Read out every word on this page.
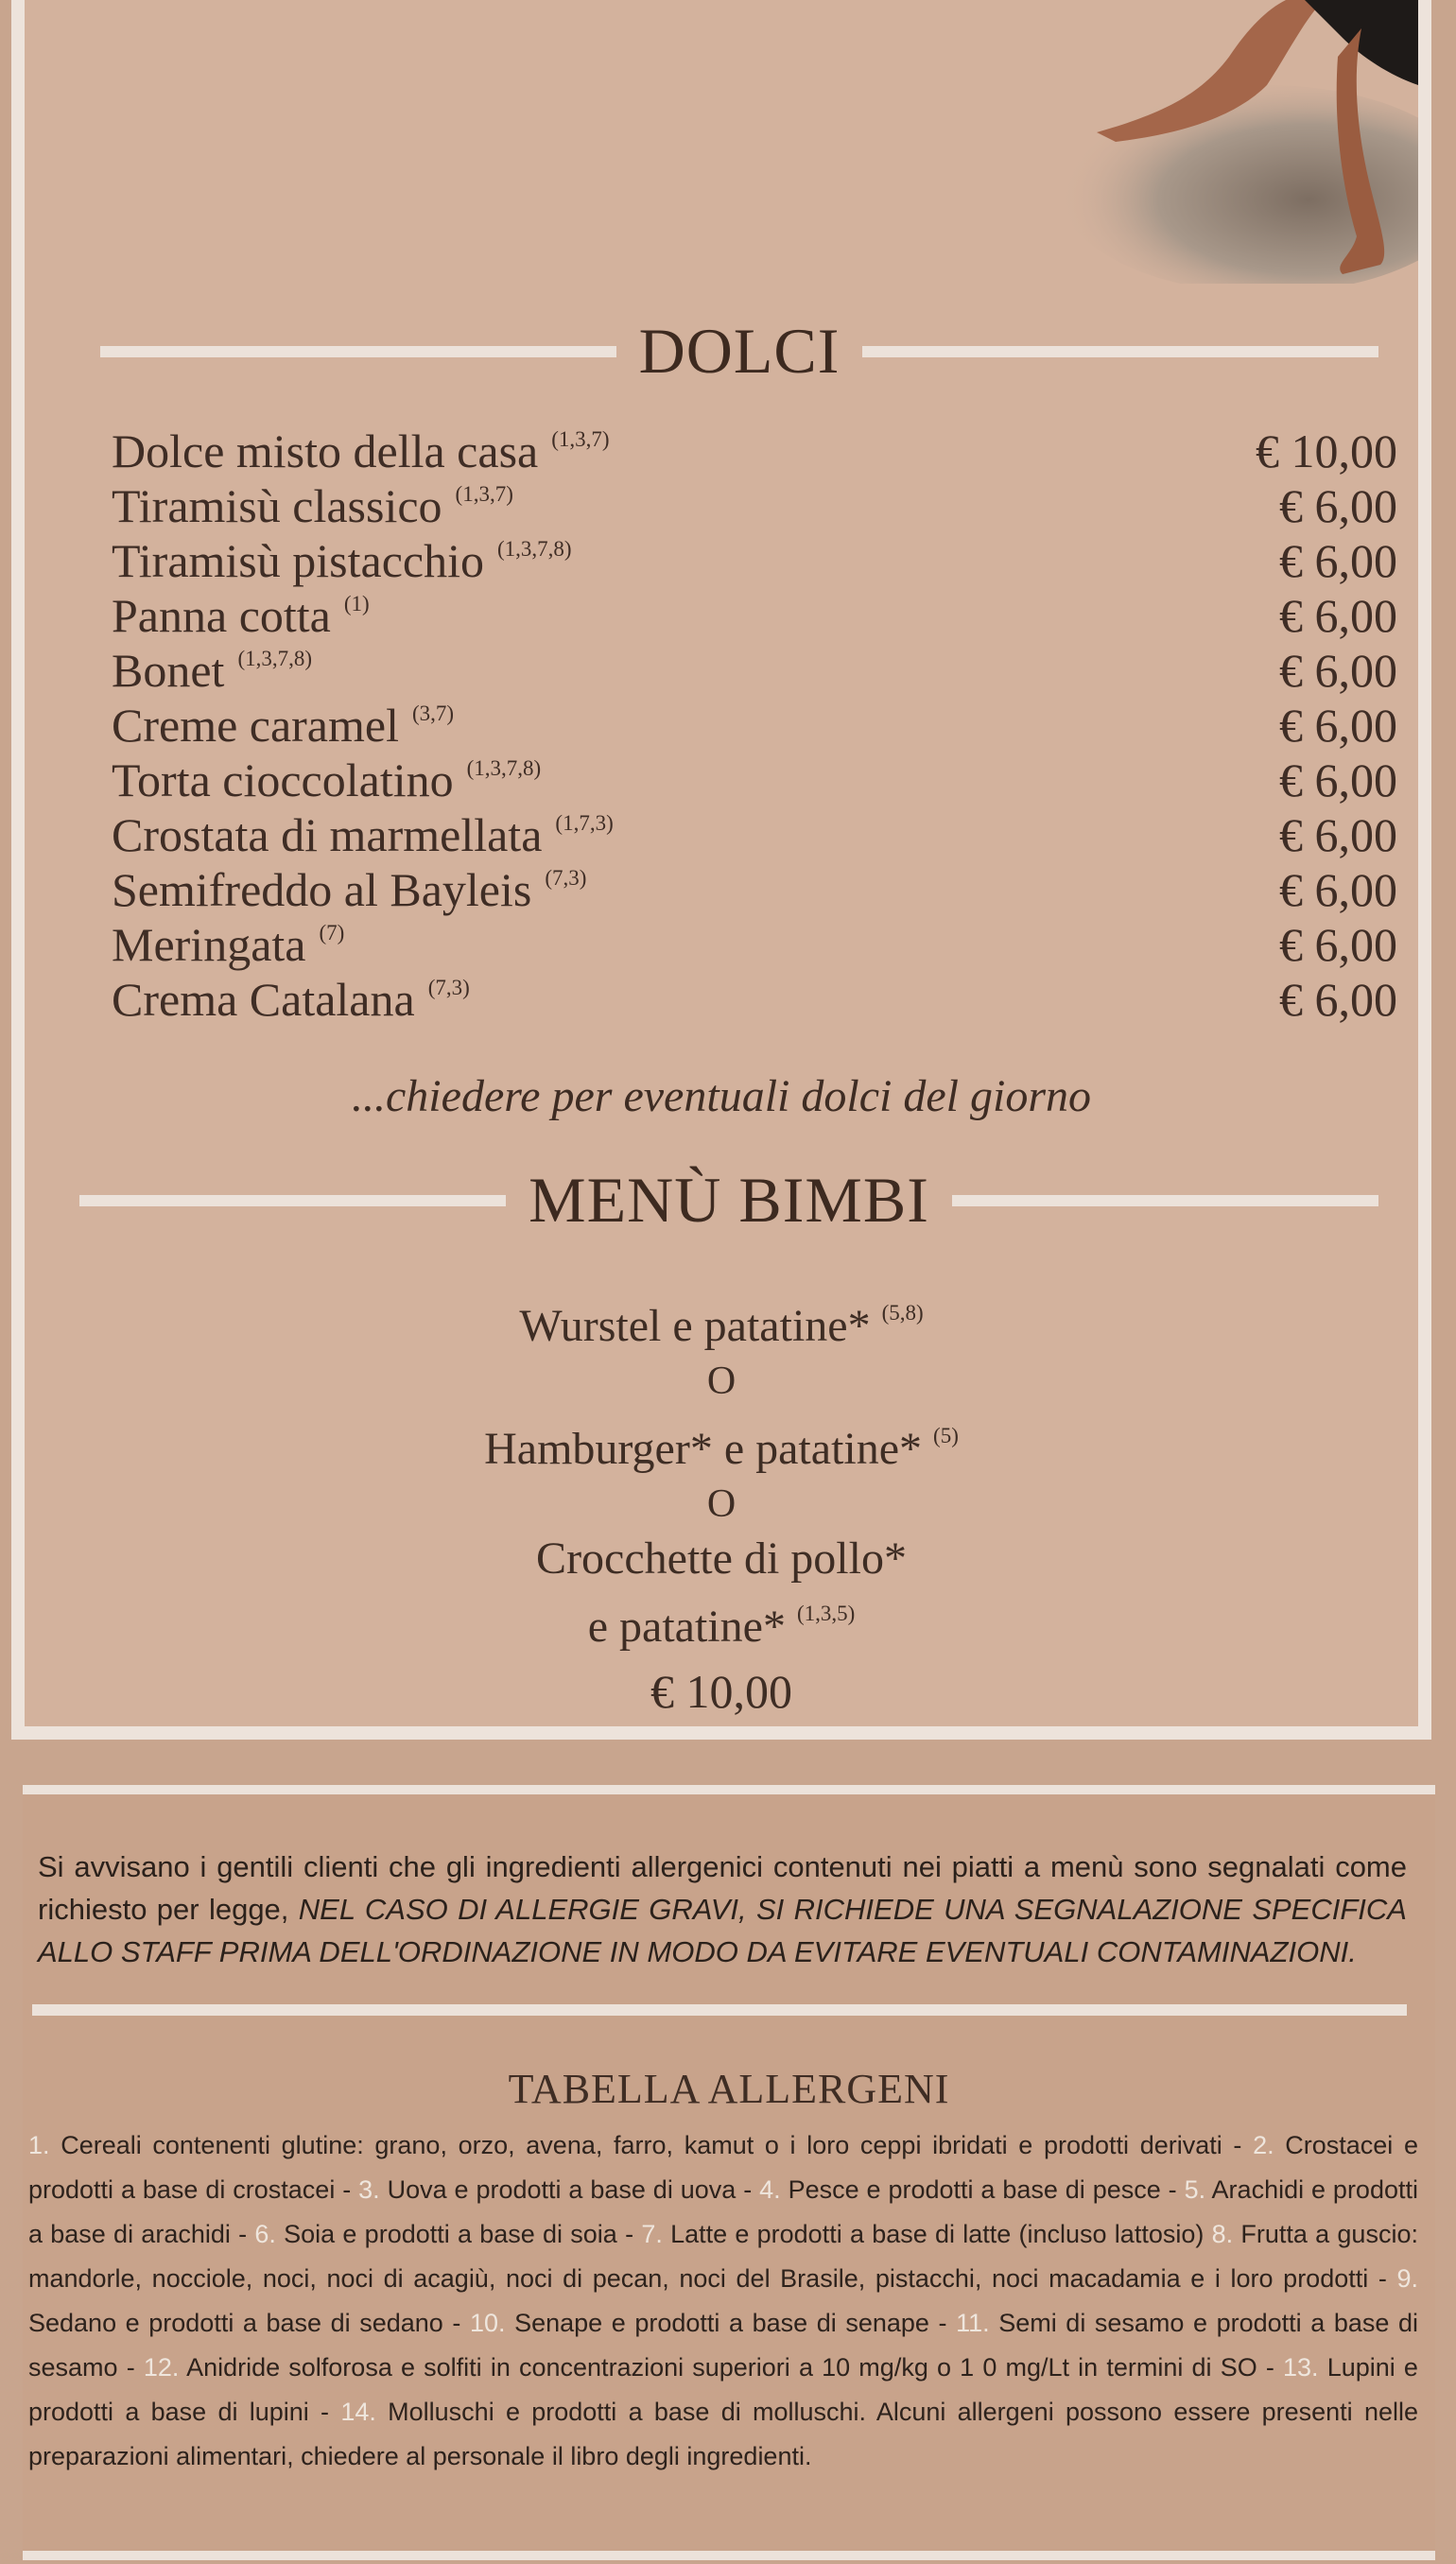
DOLCI
Dolce misto della casa $^{(1,3,7)}$	€ 10,00
Tiramisù classico $^{(1,3,7)}$	€ 6,00
Tiramisù pistacchio $^{(1,3,7,8)}$	€ 6,00
Panna cotta $^{(1)}$	€ 6,00
Bonet $^{(1,3,7,8)}$	€ 6,00
Creme caramel $^{(3,7)}$	€ 6,00
Torta cioccolatino $^{(1,3,7,8)}$	€ 6,00
Crostata di marmellata $^{(1,7,3)}$	€ 6,00
Semifreddo al Bayleis $^{(7,3)}$	€ 6,00
Meringata $^{(7)}$	€ 6,00
Crema Catalana $^{(7,3)}$	€ 6,00
...chiedere per eventuali dolci del giorno
MENÙ BIMBI
Wurstel e patatine* $^{(5,8)}$
O
Hamburger* e patatine* $^{(5)}$
O
Crocchette di pollo*
e patatine* $^{(1,3,5)}$
€ 10,00
Si avvisano i gentili clienti che gli ingredienti allergenici contenuti nei piatti a menù sono segnalati come richiesto per legge, NEL CASO DI ALLERGIE GRAVI, SI RICHIEDE UNA SEGNALAZIONE SPECIFICA ALLO STAFF PRIMA DELL'ORDINAZIONE IN MODO DA EVITARE EVENTUALI CONTAMINAZIONI.
TABELLA ALLERGENI
1. Cereali contenenti glutine: grano, orzo, avena, farro, kamut o i loro ceppi ibridati e prodotti derivati - 2. Crostacei e prodotti a base di crostacei - 3. Uova e prodotti a base di uova - 4. Pesce e prodotti a base di pesce - 5. Arachidi e prodotti a base di arachidi - 6. Soia e prodotti a base di soia - 7. Latte e prodotti a base di latte (incluso lattosio) 8. Frutta a guscio: mandorle, nocciole, noci, noci di acagiù, noci di pecan, noci del Brasile, pistacchi, noci macadamia e i loro prodotti - 9. Sedano e prodotti a base di sedano - 10. Senape e prodotti a base di senape - 11. Semi di sesamo e prodotti a base di sesamo - 12. Anidride solforosa e solfiti in concentrazioni superiori a 10 mg/kg o 1 0 mg/Lt in termini di SO - 13. Lupini e prodotti a base di lupini - 14. Molluschi e prodotti a base di molluschi. Alcuni allergeni possono essere presenti nelle preparazioni alimentari, chiedere al personale il libro degli ingredienti.
